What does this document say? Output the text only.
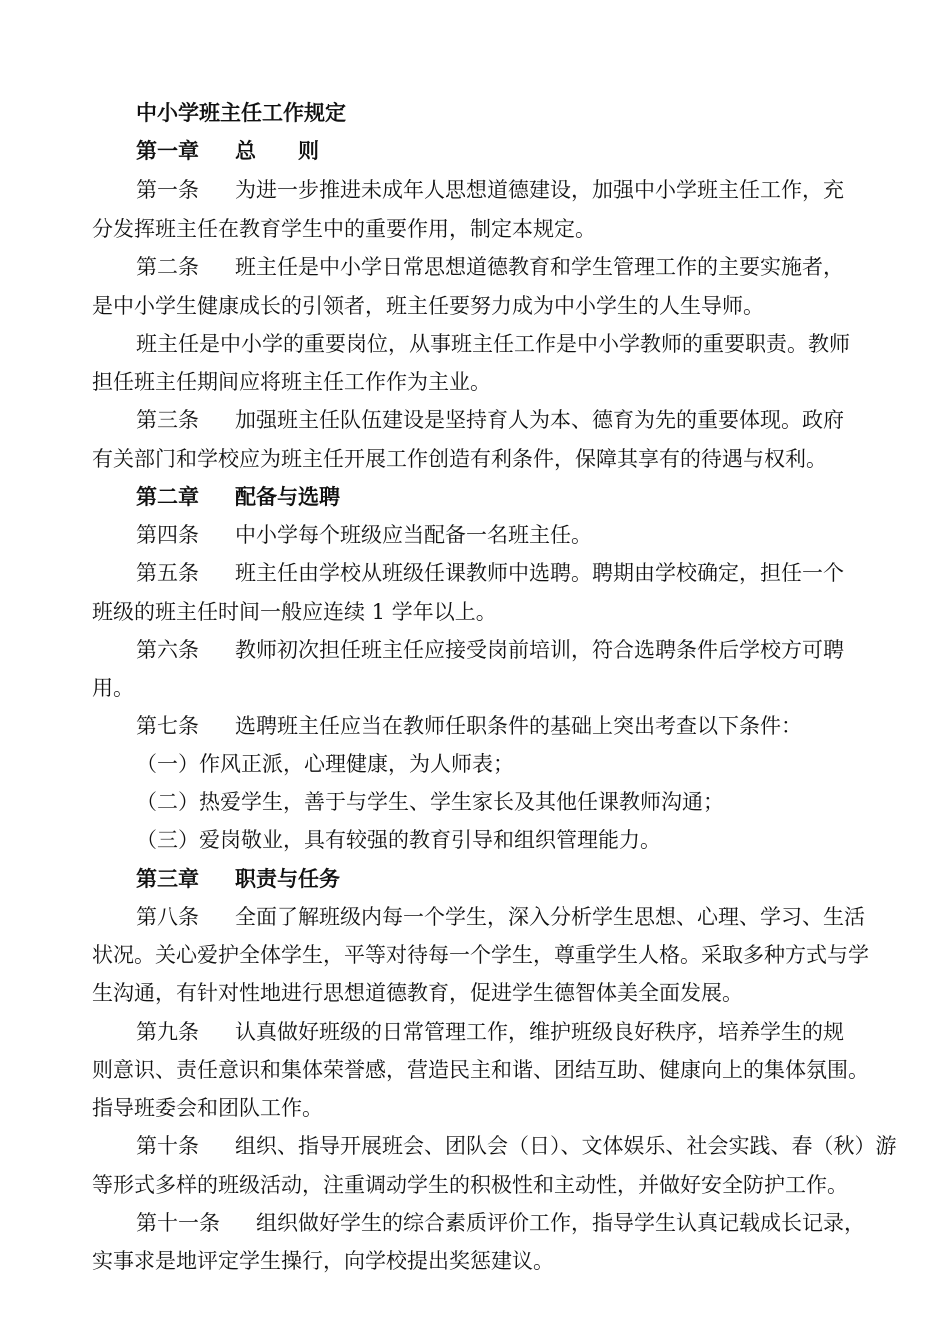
中小学班主任工作规定
第一章 总　　则
第一条 为进一步推进未成年人思想道德建设，加强中小学班主任工作，充
分发挥班主任在教育学生中的重要作用，制定本规定。
第二条 班主任是中小学日常思想道德教育和学生管理工作的主要实施者，
是中小学生健康成长的引领者，班主任要努力成为中小学生的人生导师。
班主任是中小学的重要岗位，从事班主任工作是中小学教师的重要职责。教师
担任班主任期间应将班主任工作作为主业。
第三条 加强班主任队伍建设是坚持育人为本、德育为先的重要体现。政府
有关部门和学校应为班主任开展工作创造有利条件，保障其享有的待遇与权利。
第二章 配备与选聘
第四条 中小学每个班级应当配备一名班主任。
第五条 班主任由学校从班级任课教师中选聘。聘期由学校确定，担任一个
班级的班主任时间一般应连续 1 学年以上。
第六条 教师初次担任班主任应接受岗前培训，符合选聘条件后学校方可聘
用。
第七条 选聘班主任应当在教师任职条件的基础上突出考查以下条件：
（一）作风正派，心理健康，为人师表；
（二）热爱学生，善于与学生、学生家长及其他任课教师沟通；
（三）爱岗敬业，具有较强的教育引导和组织管理能力。
第三章 职责与任务
第八条 全面了解班级内每一个学生，深入分析学生思想、心理、学习、生活
状况。关心爱护全体学生，平等对待每一个学生，尊重学生人格。采取多种方式与学
生沟通，有针对性地进行思想道德教育，促进学生德智体美全面发展。
第九条 认真做好班级的日常管理工作，维护班级良好秩序，培养学生的规
则意识、责任意识和集体荣誉感，营造民主和谐、团结互助、健康向上的集体氛围。
指导班委会和团队工作。
第十条 组织、指导开展班会、团队会（日）、文体娱乐、社会实践、春（秋）游
等形式多样的班级活动，注重调动学生的积极性和主动性，并做好安全防护工作。
第十一条 组织做好学生的综合素质评价工作，指导学生认真记载成长记录，
实事求是地评定学生操行，向学校提出奖惩建议。
